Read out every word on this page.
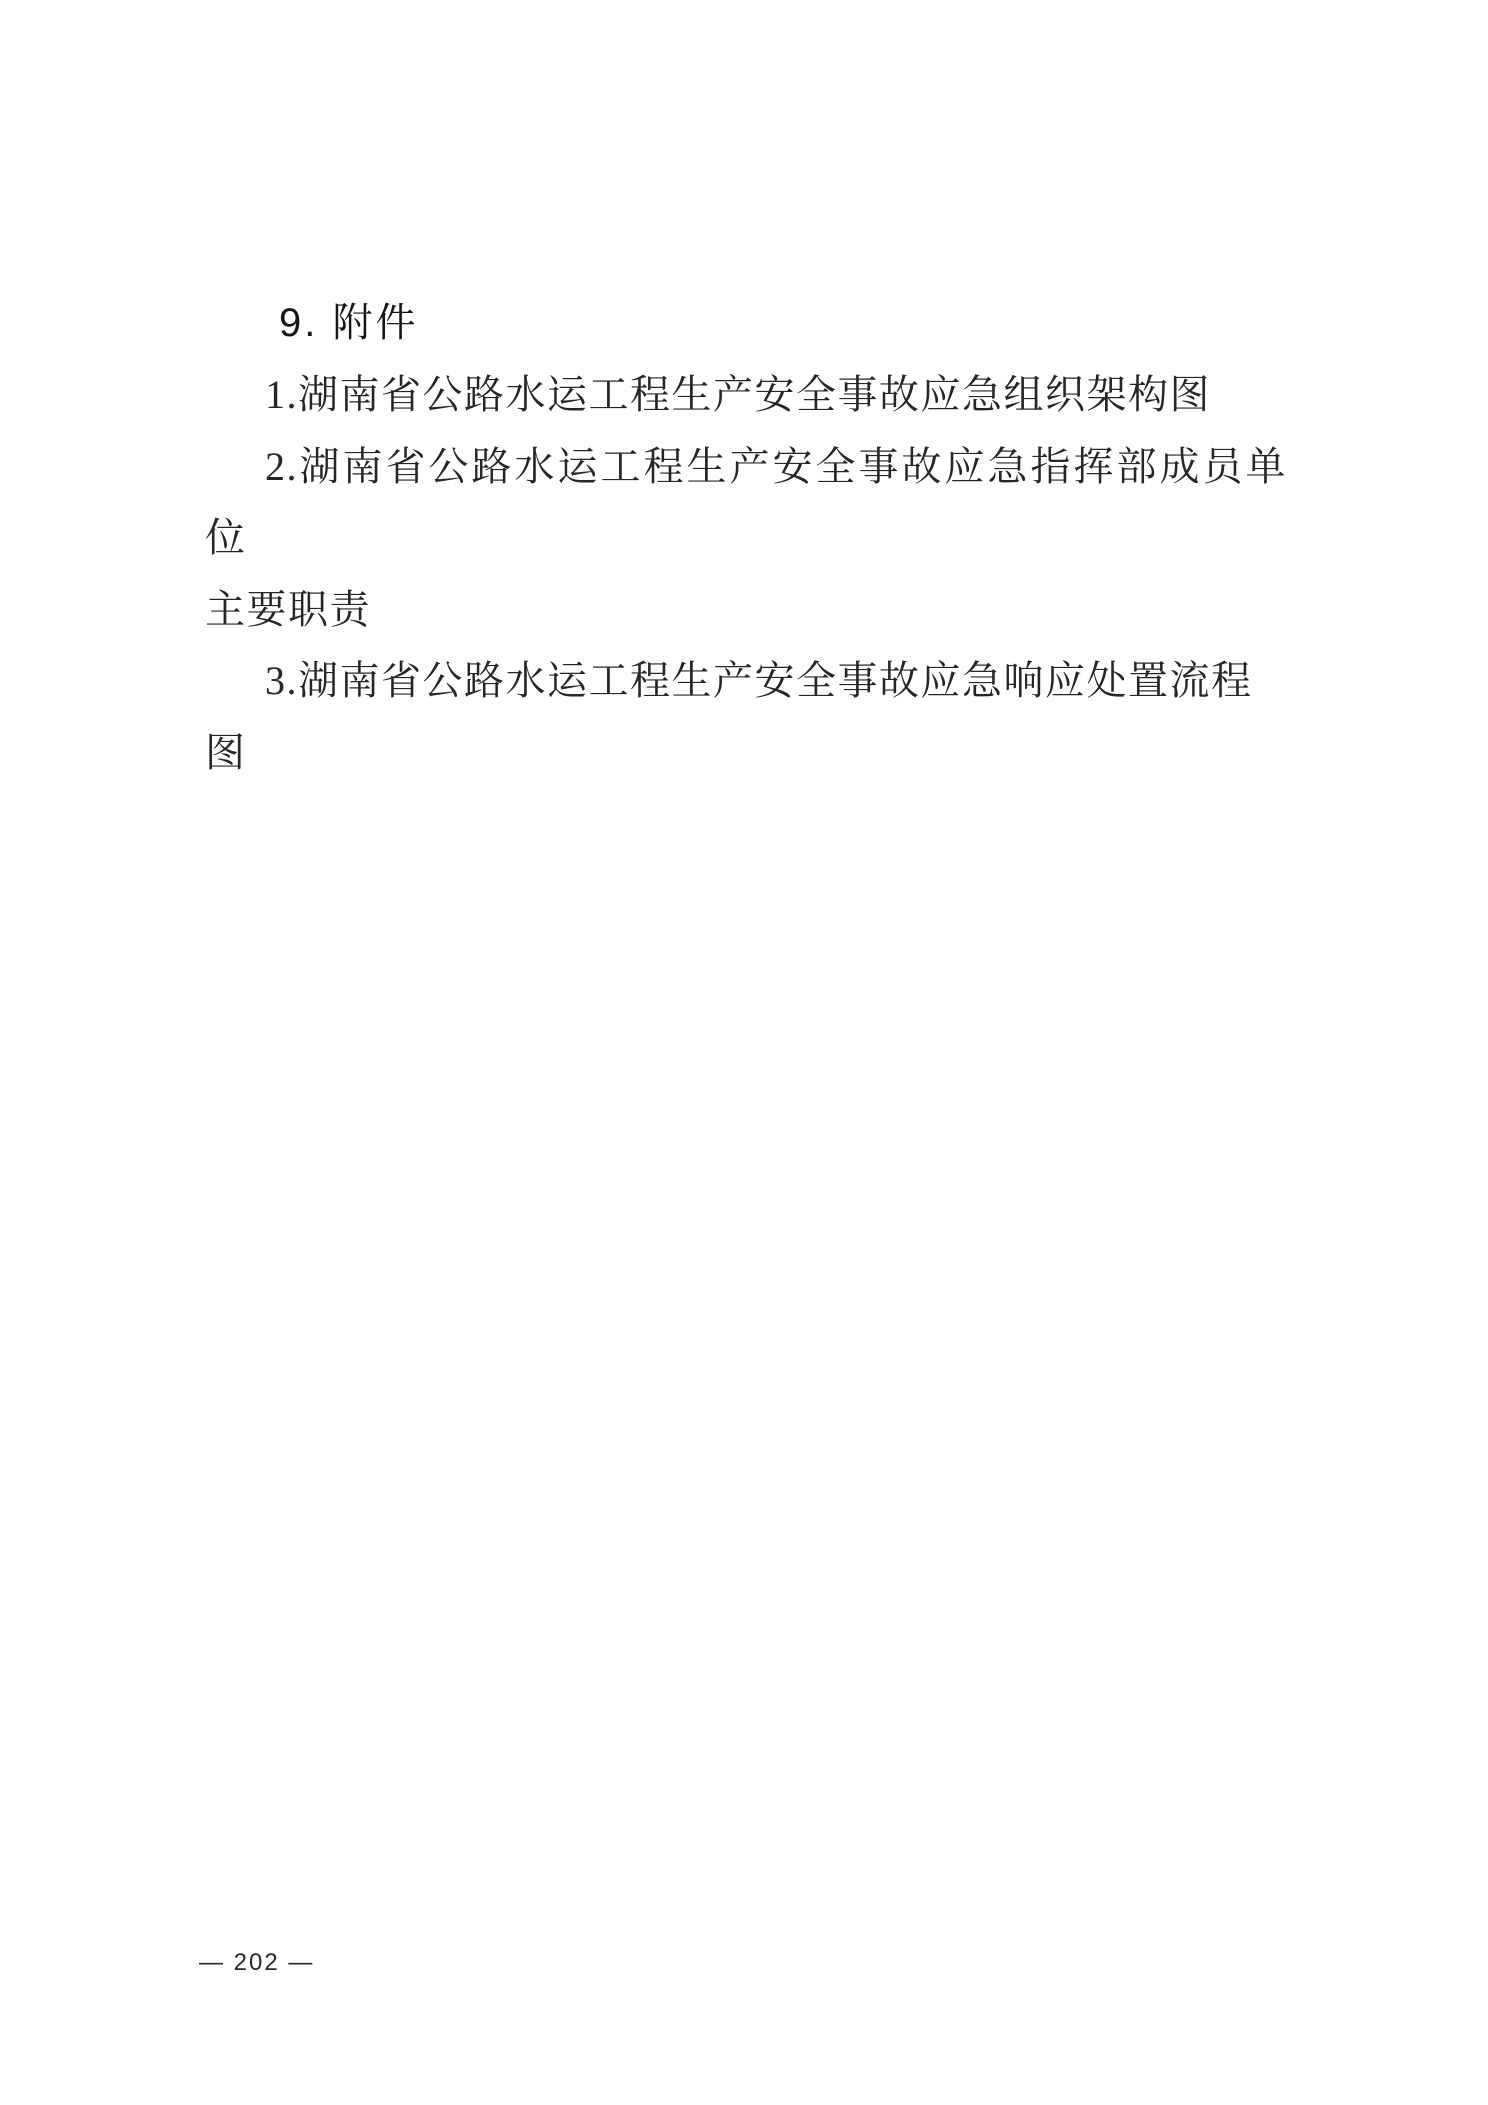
9. 附件

1.湖南省公路水运工程生产安全事故应急组织架构图

2.湖南省公路水运工程生产安全事故应急指挥部成员单位

主要职责

3.湖南省公路水运工程生产安全事故应急响应处置流程图

— 202 —
